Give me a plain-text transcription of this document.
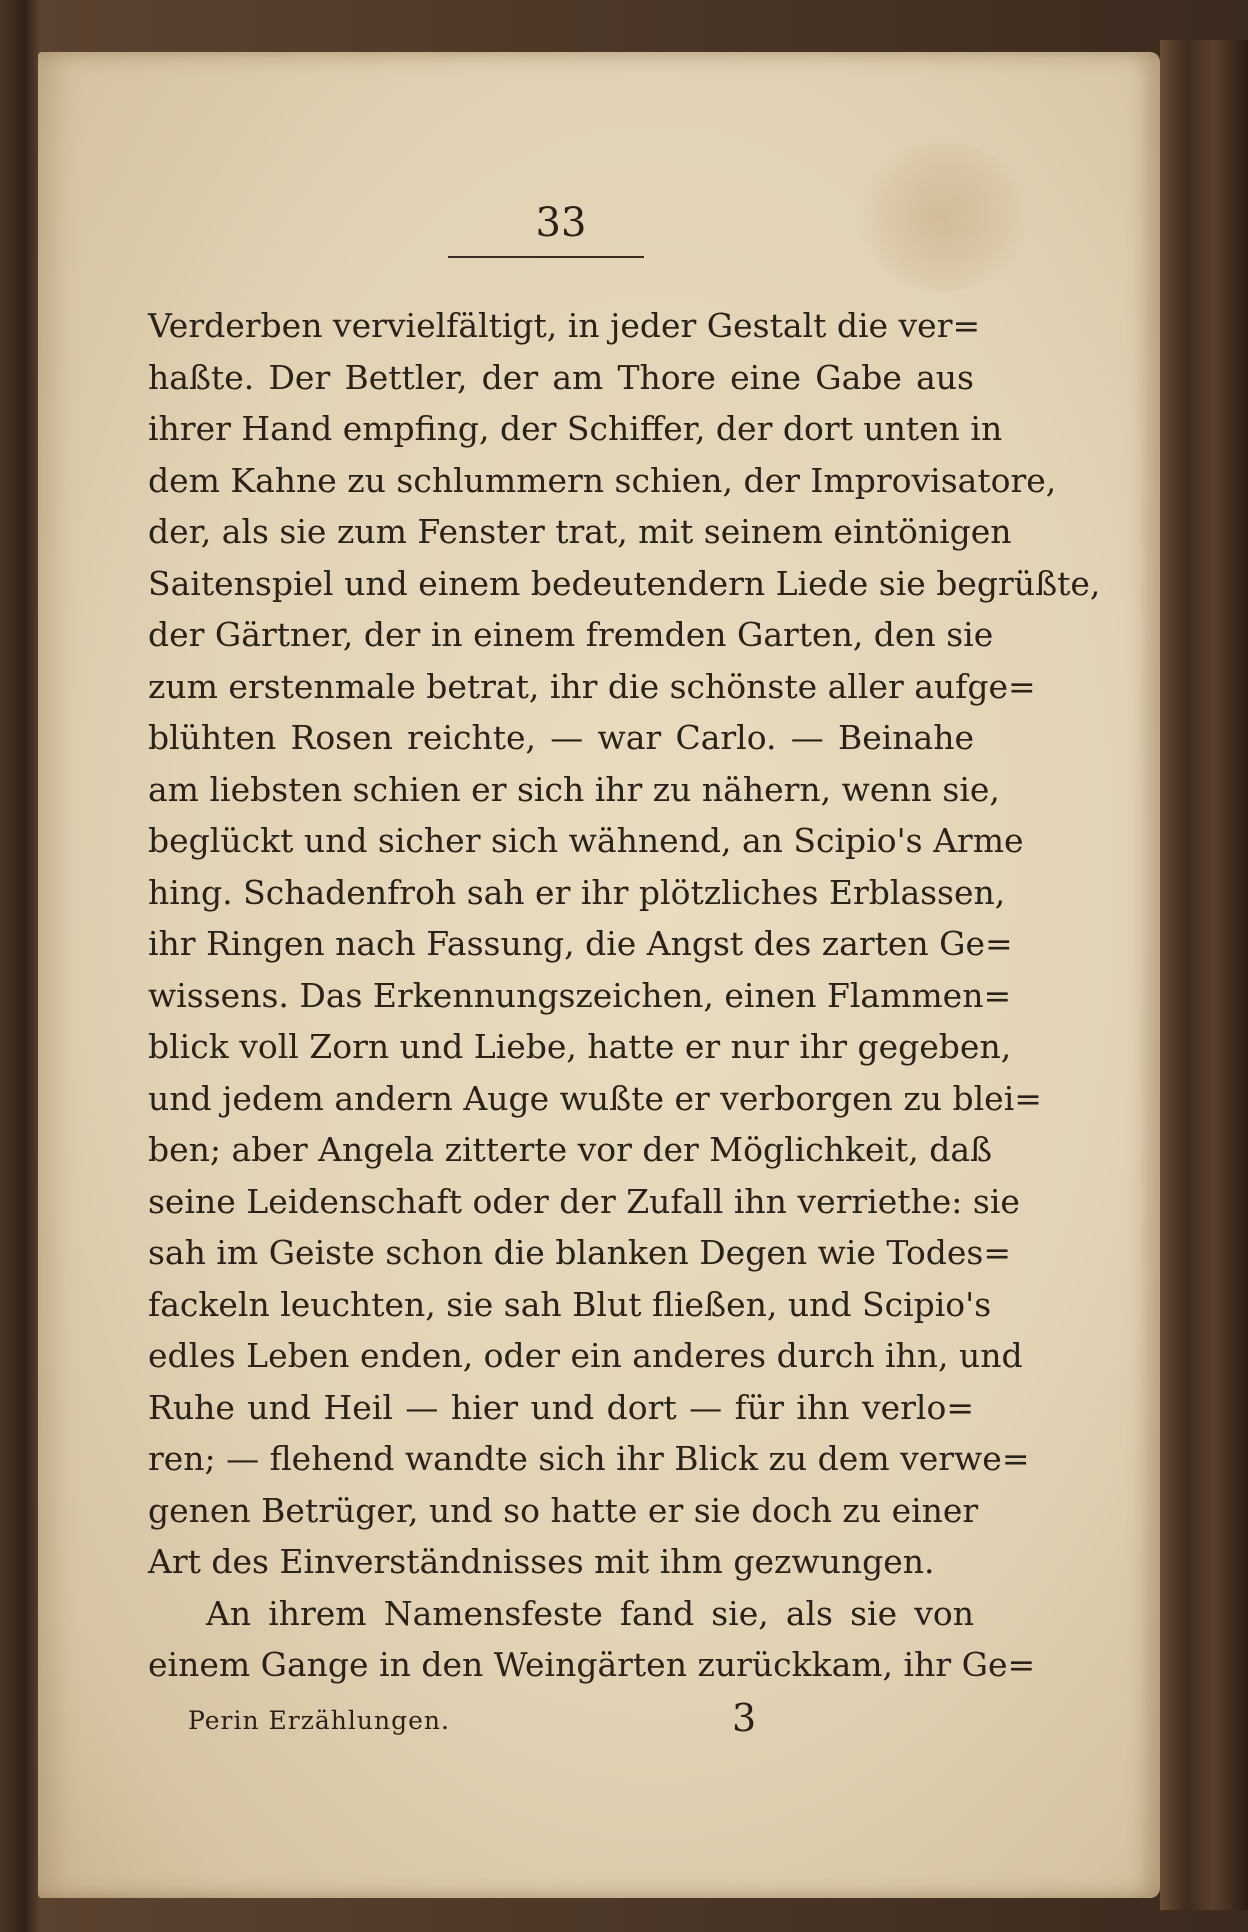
33
Verderben vervielfältigt, in jeder Gestalt die ver=
haßte. Der Bettler, der am Thore eine Gabe aus
ihrer Hand empfing, der Schiffer, der dort unten in
dem Kahne zu schlummern schien, der Improvisatore,
der, als sie zum Fenster trat, mit seinem eintönigen
Saitenspiel und einem bedeutendern Liede sie begrüßte,
der Gärtner, der in einem fremden Garten, den sie
zum erstenmale betrat, ihr die schönste aller aufge=
blühten Rosen reichte, — war Carlo. — Beinahe
am liebsten schien er sich ihr zu nähern, wenn sie,
beglückt und sicher sich wähnend, an Scipio's Arme
hing. Schadenfroh sah er ihr plötzliches Erblassen,
ihr Ringen nach Fassung, die Angst des zarten Ge=
wissens. Das Erkennungszeichen, einen Flammen=
blick voll Zorn und Liebe, hatte er nur ihr gegeben,
und jedem andern Auge wußte er verborgen zu blei=
ben; aber Angela zitterte vor der Möglichkeit, daß
seine Leidenschaft oder der Zufall ihn verriethe: sie
sah im Geiste schon die blanken Degen wie Todes=
fackeln leuchten, sie sah Blut fließen, und Scipio's
edles Leben enden, oder ein anderes durch ihn, und
Ruhe und Heil — hier und dort — für ihn verlo=
ren; — flehend wandte sich ihr Blick zu dem verwe=
genen Betrüger, und so hatte er sie doch zu einer
Art des Einverständnisses mit ihm gezwungen.
An ihrem Namensfeste fand sie, als sie von
einem Gange in den Weingärten zurückkam, ihr Ge=
Perin Erzählungen.	3
